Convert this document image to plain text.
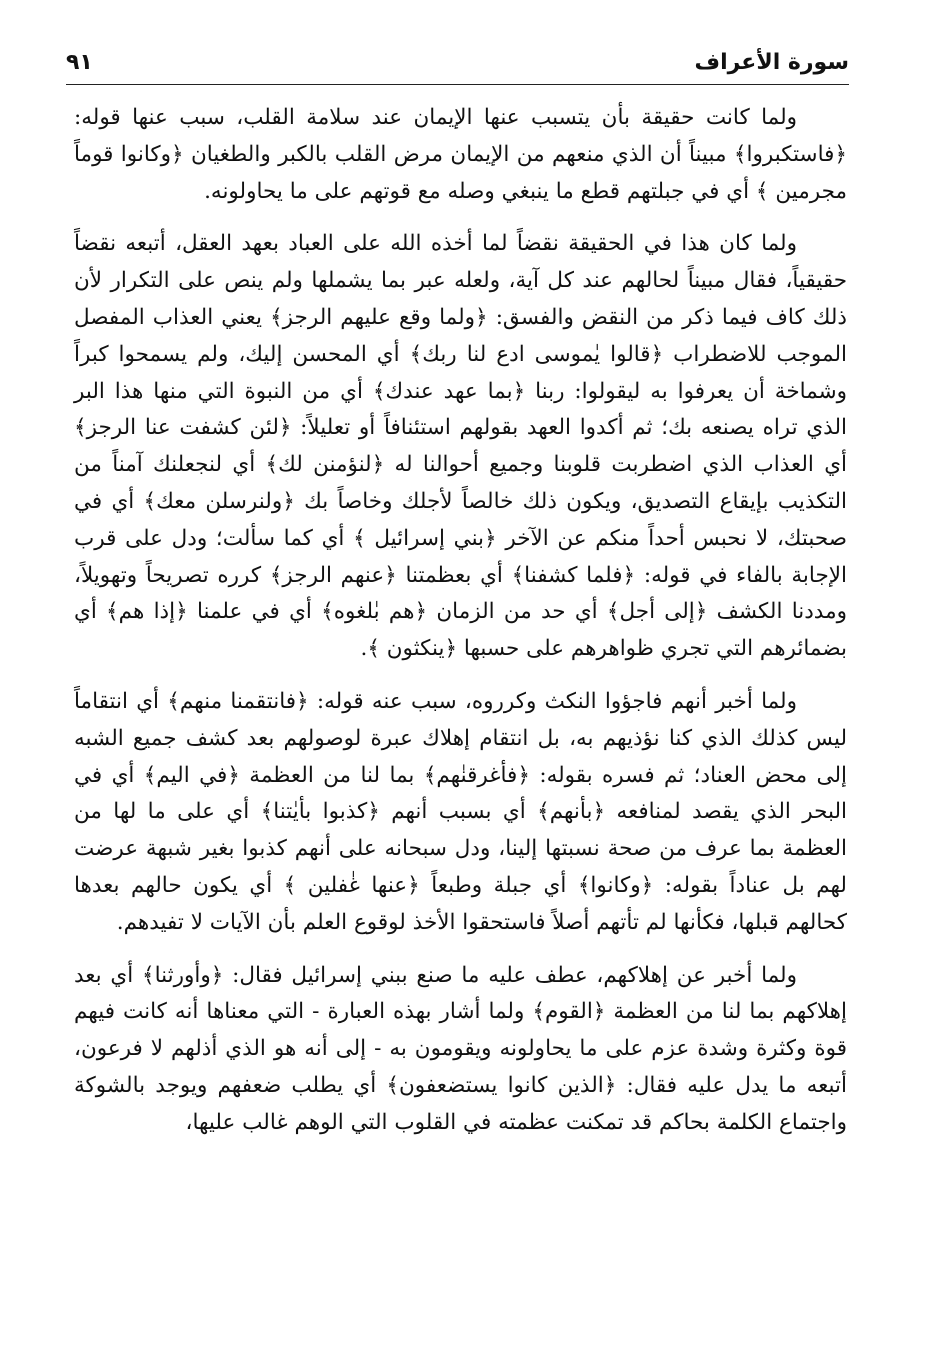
سورة الأعراف
٩١

ولما كانت حقيقة بأن يتسبب عنها الإيمان عند سلامة القلب، سبب عنها قوله: ﴿فاستكبروا﴾ مبيناً أن الذي منعهم من الإيمان مرض القلب بالكبر والطغيان ﴿وكانوا قوماً مجرمين ﴾ أي في جبلتهم قطع ما ينبغي وصله مع قوتهم على ما يحاولونه.

ولما كان هذا في الحقيقة نقضاً لما أخذه الله على العباد بعهد العقل، أتبعه نقضاً حقيقياً، فقال مبيناً لحالهم عند كل آية، ولعله عبر بما يشملها ولم ينص على التكرار لأن ذلك كاف فيما ذكر من النقض والفسق: ﴿ولما وقع عليهم الرجز﴾ يعني العذاب المفصل الموجب للاضطراب ﴿قالوا يٰموسى ادع لنا ربك﴾ أي المحسن إليك، ولم يسمحوا كبراً وشماخة أن يعرفوا به ليقولوا: ربنا ﴿بما عهد عندك﴾ أي من النبوة التي منها هذا البر الذي تراه يصنعه بك؛ ثم أكدوا العهد بقولهم استئنافاً أو تعليلاً: ﴿لئن كشفت عنا الرجز﴾ أي العذاب الذي اضطربت قلوبنا وجميع أحوالنا له ﴿لنؤمنن لك﴾ أي لنجعلنك آمناً من التكذيب بإيقاع التصديق، ويكون ذلك خالصاً لأجلك وخاصاً بك ﴿ولنرسلن معك﴾ أي في صحبتك، لا نحبس أحداً منكم عن الآخر ﴿بني إسرائيل ﴾ أي كما سألت؛ ودل على قرب الإجابة بالفاء في قوله: ﴿فلما كشفنا﴾ أي بعظمتنا ﴿عنهم الرجز﴾ كرره تصريحاً وتهويلاً، ومددنا الكشف ﴿إلى أجل﴾ أي حد من الزمان ﴿هم بٰلغوه﴾ أي في علمنا ﴿إذا هم﴾ أي بضمائرهم التي تجري ظواهرهم على حسبها ﴿ينكثون ﴾.

ولما أخبر أنهم فاجؤوا النكث وكرروه، سبب عنه قوله: ﴿فانتقمنا منهم﴾ أي انتقاماً ليس كذلك الذي كنا نؤذيهم به، بل انتقام إهلاك عبرة لوصولهم بعد كشف جميع الشبه إلى محض العناد؛ ثم فسره بقوله: ﴿فأغرقنٰهم﴾ بما لنا من العظمة ﴿في اليم﴾ أي في البحر الذي يقصد لمنافعه ﴿بأنهم﴾ أي بسبب أنهم ﴿كذبوا بأيٰتنا﴾ أي على ما لها من العظمة بما عرف من صحة نسبتها إلينا، ودل سبحانه على أنهم كذبوا بغير شبهة عرضت لهم بل عناداً بقوله: ﴿وكانوا﴾ أي جبلة وطبعاً ﴿عنها غٰفلين ﴾ أي يكون حالهم بعدها كحالهم قبلها، فكأنها لم تأتهم أصلاً فاستحقوا الأخذ لوقوع العلم بأن الآيات لا تفيدهم.

ولما أخبر عن إهلاكهم، عطف عليه ما صنع ببني إسرائيل فقال: ﴿وأورثنا﴾ أي بعد إهلاكهم بما لنا من العظمة ﴿القوم﴾ ولما أشار بهذه العبارة - التي معناها أنه كانت فيهم قوة وكثرة وشدة عزم على ما يحاولونه ويقومون به - إلى أنه هو الذي أذلهم لا فرعون، أتبعه ما يدل عليه فقال: ﴿الذين كانوا يستضعفون﴾ أي يطلب ضعفهم ويوجد بالشوكة واجتماع الكلمة بحاكم قد تمكنت عظمته في القلوب التي الوهم غالب عليها،
